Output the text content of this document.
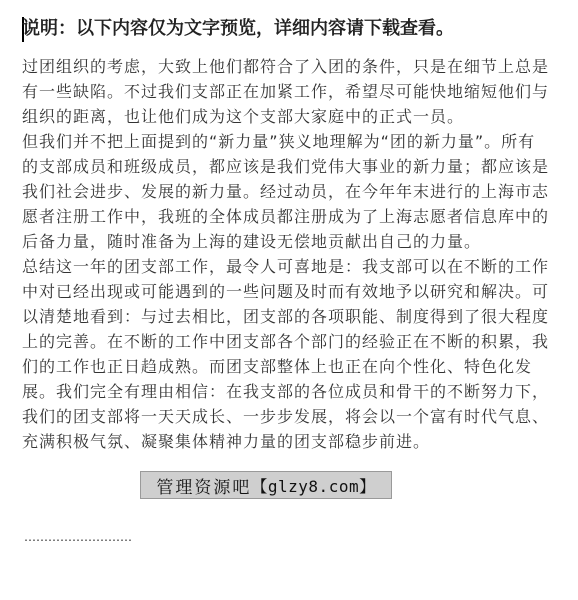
说明：以下内容仅为文字预览，详细内容请下载查看。

过团组织的考虑，大致上他们都符合了入团的条件，只是在细节上总是有一些缺陷。不过我们支部正在加紧工作，希望尽可能快地缩短他们与组织的距离，也让他们成为这个支部大家庭中的正式一员。

但我们并不把上面提到的“新力量”狭义地理解为“团的新力量”。所有的支部成员和班级成员，都应该是我们党伟大事业的新力量；都应该是我们社会进步、发展的新力量。经过动员，在今年年末进行的上海市志愿者注册工作中，我班的全体成员都注册成为了上海志愿者信息库中的后备力量，随时准备为上海的建设无偿地贡献出自己的力量。

总结这一年的团支部工作，最令人可喜地是：我支部可以在不断的工作中对已经出现或可能遇到的一些问题及时而有效地予以研究和解决。可以清楚地看到：与过去相比，团支部的各项职能、制度得到了很大程度上的完善。在不断的工作中团支部各个部门的经验正在不断的积累，我们的工作也正日趋成熟。而团支部整体上也正在向个性化、特色化发展。我们完全有理由相信：在我支部的各位成员和骨干的不断努力下，我们的团支部将一天天成长、一步步发展，将会以一个富有时代气息、充满积极气氛、凝聚集体精神力量的团支部稳步前进。

………………………
管理资源吧 【glzy8.com】
